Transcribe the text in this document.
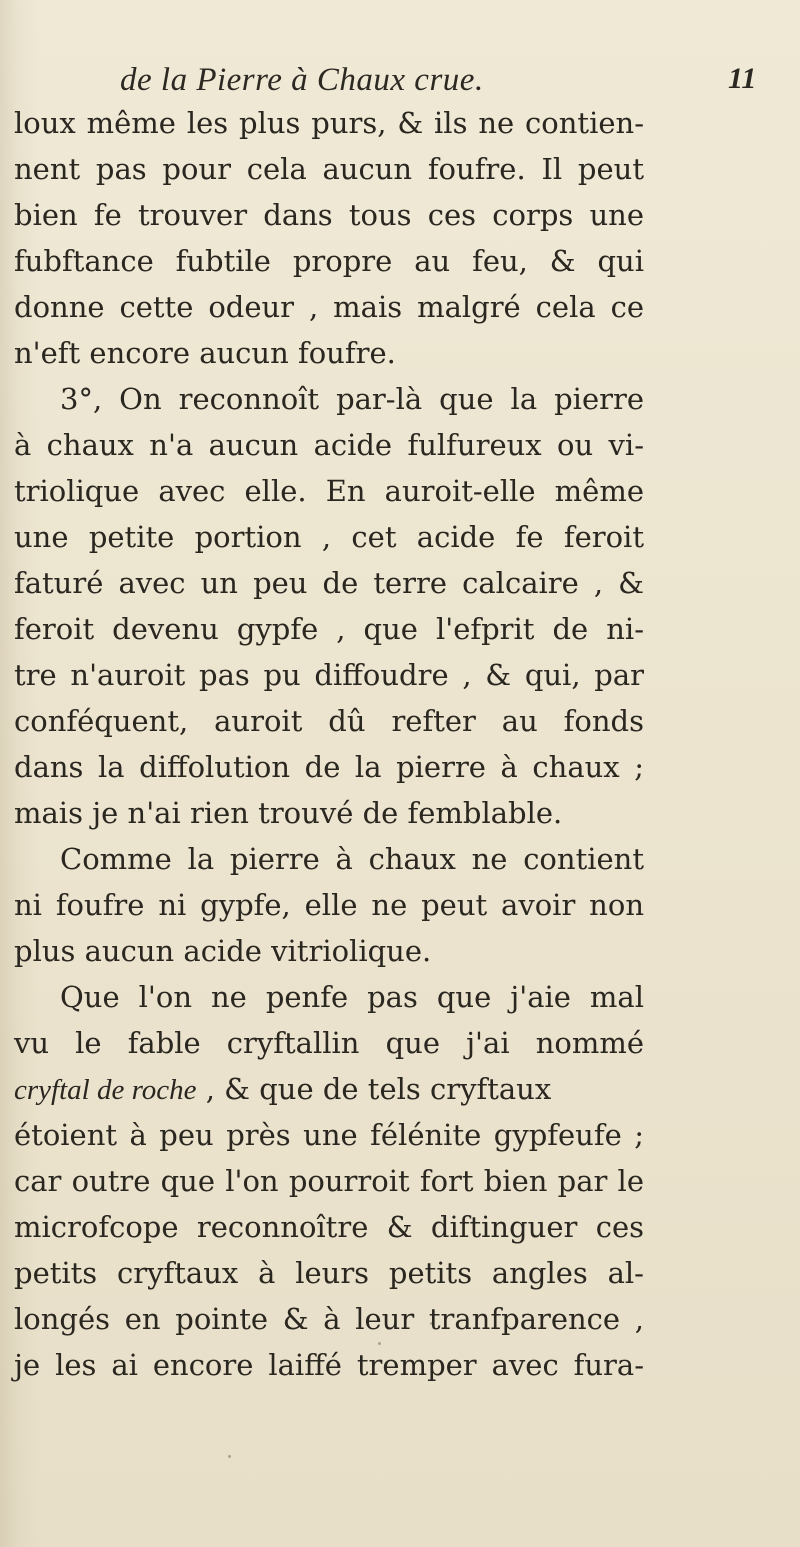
de la Pierre à Chaux crue.	11
loux même les plus purs, & ils ne contien-
nent pas pour cela aucun foufre. Il peut
bien fe trouver dans tous ces corps une
fubftance fubtile propre au feu, & qui
donne cette odeur , mais malgré cela ce
n'eft encore aucun foufre.
3°, On reconnoît par-là que la pierre
à chaux n'a aucun acide fulfureux ou vi-
triolique avec elle. En auroit-elle même
une petite portion , cet acide fe feroit
faturé avec un peu de terre calcaire , &
feroit devenu gypfe , que l'efprit de ni-
tre n'auroit pas pu diffoudre , & qui, par
conféquent, auroit dû refter au fonds
dans la diffolution de la pierre à chaux ;
mais je n'ai rien trouvé de femblable.
Comme la pierre à chaux ne contient
ni foufre ni gypfe, elle ne peut avoir non
plus aucun acide vitriolique.
Que l'on ne penfe pas que j'aie mal
vu le fable cryftallin que j'ai nommé
cryftal de roche , & que de tels cryftaux
étoient à peu près une félénite gypfeufe ;
car outre que l'on pourroit fort bien par le
microfcope reconnoître & diftinguer ces
petits cryftaux à leurs petits angles al-
longés en pointe & à leur tranfparence ,
je les ai encore laiffé tremper avec fura-
